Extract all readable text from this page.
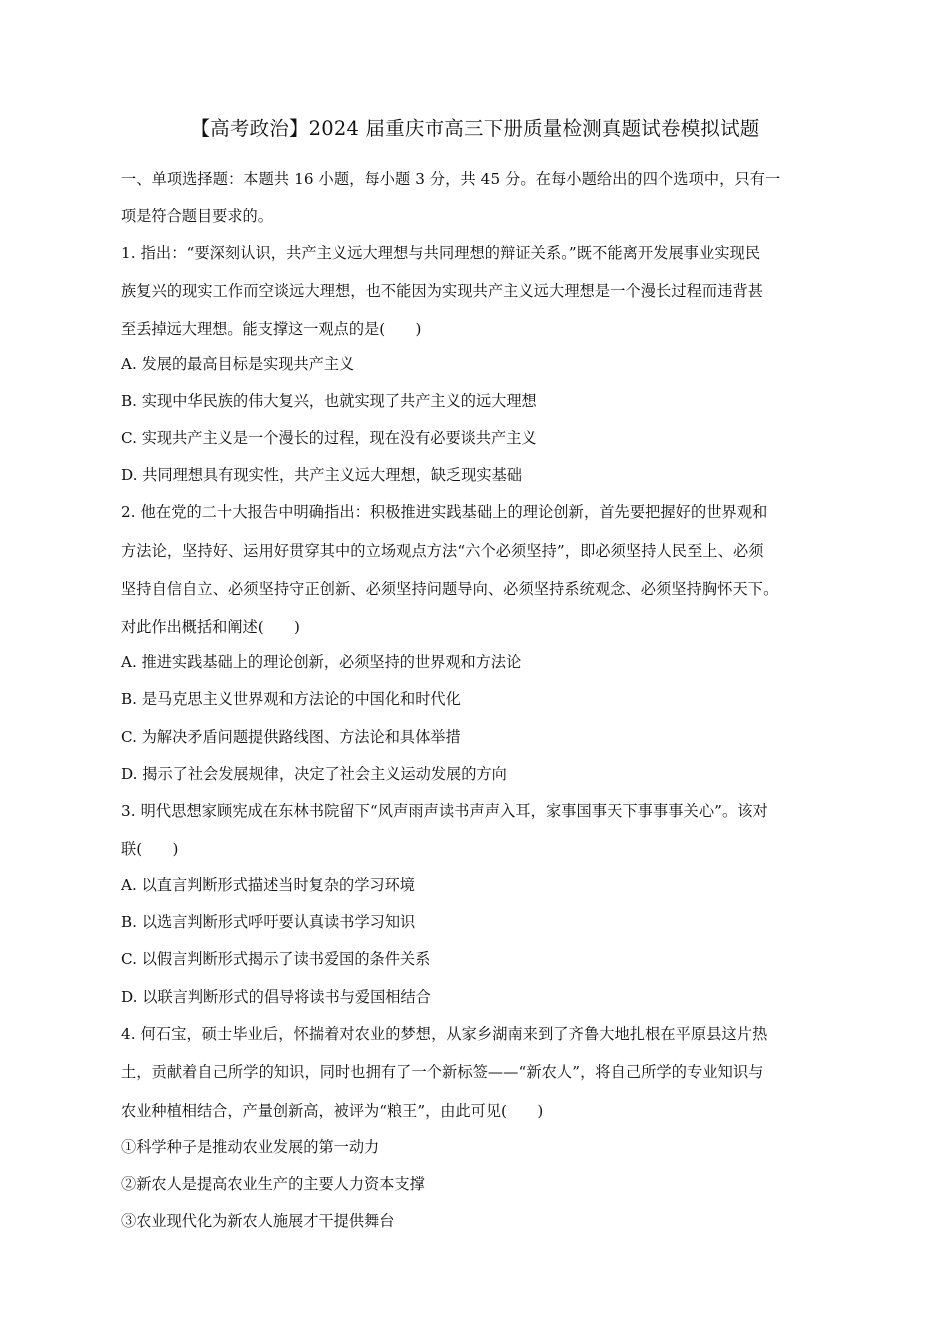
【高考政治】2024 届重庆市高三下册质量检测真题试卷模拟试题
一、单项选择题：本题共 16 小题，每小题 3 分，共 45 分。在每小题给出的四个选项中，只有一
项是符合题目要求的。
1. 指出：“要深刻认识，共产主义远大理想与共同理想的辩证关系。”既不能离开发展事业实现民
族复兴的现实工作而空谈远大理想，也不能因为实现共产主义远大理想是一个漫长过程而违背甚
至丢掉远大理想。能支撑这一观点的是(　　)
A. 发展的最高目标是实现共产主义
B. 实现中华民族的伟大复兴，也就实现了共产主义的远大理想
C. 实现共产主义是一个漫长的过程，现在没有必要谈共产主义
D. 共同理想具有现实性，共产主义远大理想，缺乏现实基础
2. 他在党的二十大报告中明确指出：积极推进实践基础上的理论创新，首先要把握好的世界观和
方法论，坚持好、运用好贯穿其中的立场观点方法“六个必须坚持”，即必须坚持人民至上、必须
坚持自信自立、必须坚持守正创新、必须坚持问题导向、必须坚持系统观念、必须坚持胸怀天下。
对此作出概括和阐述(　　)
A. 推进实践基础上的理论创新，必须坚持的世界观和方法论
B. 是马克思主义世界观和方法论的中国化和时代化
C. 为解决矛盾问题提供路线图、方法论和具体举措
D. 揭示了社会发展规律，决定了社会主义运动发展的方向
3. 明代思想家顾宪成在东林书院留下“风声雨声读书声声入耳，家事国事天下事事事关心”。该对
联(　　)
A. 以直言判断形式描述当时复杂的学习环境
B. 以选言判断形式呼吁要认真读书学习知识
C. 以假言判断形式揭示了读书爱国的条件关系
D. 以联言判断形式的倡导将读书与爱国相结合
4. 何石宝，硕士毕业后，怀揣着对农业的梦想，从家乡湖南来到了齐鲁大地扎根在平原县这片热
土，贡献着自己所学的知识，同时也拥有了一个新标签——“新农人”，将自己所学的专业知识与
农业种植相结合，产量创新高，被评为“粮王”，由此可见(　　)
①科学种子是推动农业发展的第一动力
②新农人是提高农业生产的主要人力资本支撑
③农业现代化为新农人施展才干提供舞台
